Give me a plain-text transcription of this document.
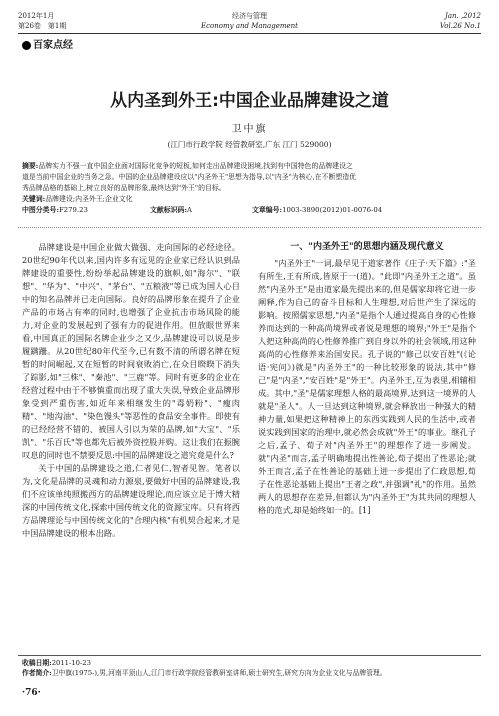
2012年1月
第26卷　第1期
经济与管理
Economy and Management
Jan. ,2012
Vol.26 No.1
百家点经
从内圣到外王:中国企业品牌建设之道
卫中旗
(江门市行政学院 经管教研室,广东 江门 529000)
摘要:品牌实力不强一直中国企业面对国际化竞争的短板,如何走出品牌建设困境,找到有中国特色的品牌建设之
道是当前中国企业的当务之急。中国的企业品牌建设应以"内圣外王"思想为指导,以"内圣"为核心,在不断塑造优
秀品牌品格的基础上,树立良好的品牌形象,最终达到"外王"的目标。
关键词:品牌建设;内圣外王;企业文化
中图分类号:F279.23	文献标识码:A	文章编号:1003-3890(2012)01-0076-04

品牌建设是中国企业做大做强、走向国际的必经途径。20世纪90年代以来,国内许多有远见的企业家已经认识到品牌建设的重要性,纷纷举起品牌建设的旗帜,如"海尔"、"联想"、"华为"、"中兴"、"茅台"、"五粮液"等已成为国人心目中的知名品牌并已走向国际。良好的品牌形象在提升了企业产品的市场占有率的同时,也增强了企业抗击市场风险的能力,对企业的发展起到了强有力的促进作用。但放眼世界来看,中国真正的国际名牌企业少之又少,品牌建设可以说是步履蹒跚。从20世纪80年代至今,已有数不清的所谓名牌在短暂的时间崛起,又在短暂的时间衰败消亡,在众目睽睽下消失了踪影,如"三株"、"秦池"、"三鹿"等。同时有更多的企业在经营过程中由于不够慎重而出现了重大失误,导致企业品牌形象受到严重伤害,如近年来相继发生的"毒奶粉"、"瘦肉精"、"地沟油"、"染色馒头"等恶性的食品安全事件。即使有的已经经营不错的、被国人引以为荣的品牌,如"大宝"、"乐凯"、"乐百氏"等也都先后被外资控股并购。这让我们在振腕叹息的同时也不禁要反思:中国的品牌建设之道究竟是什么?

关于中国的品牌建设之道,仁者见仁,智者见智。笔者以为,文化是品牌的灵魂和动力源泉,要做好中国的品牌建设,我们不应该单纯照搬西方的品牌建设理论,而应该立足于博大精深的中国传统文化,探索中国传统文化的资源宝库。只有将西方品牌理论与中国传统文化的"合理内核"有机契合起来,才是中国品牌建设的根本出路。

一、"内圣外王"的思想内涵及现代意义

"内圣外王"一词,最早见于道家著作《庄子·天下篇》:"圣有所生,王有所成,皆原于一(道)。"此即"内圣外王之道"。虽然"内圣外王"是由道家最先提出来的,但是儒家却将它进一步阐释,作为自己的奋斗目标和人生理想,对后世产生了深远的影响。按照儒家思想,"内圣"是指个人通过提高自身的心性修养而达到的一种高尚境界或者说是理想的境界;"外王"是指个人把这种高尚的心性修养推广到自身以外的社会领域,用这种高尚的心性修养来治国安民。孔子说的"修己以安百姓"(《论语·宪问》)就是"内圣外王"的一种比较形象的说法,其中"修己"是"内圣","安百姓"是"外王"。内圣外王,互为表里,相辅相成。其中,"圣"是儒家理想人格的最高境界,达到这一境界的人就是"圣人"。人一旦达到这种境界,就会释放出一种强大的精神力量,如果把这种精神上的东西实践到人民的生活中,或者说实践到国家的治理中,就必然会成就"外王"的事业。继孔子之后,孟子、荀子对"内圣外王"的理想作了进一步阐发。就"内圣"而言,孟子明确地提出性善论,荀子提出了性恶论;就外王而言,孟子在性善论的基础上进一步提出了仁政思想,荀子在性恶论基础上提出"王者之政",并强调"礼"的作用。虽然两人的思想存在差异,但都认为"内圣外王"为其共同的理想人格的范式,却是始终如一的。[1]

收稿日期:2011-10-23
作者简介:卫中旗(1975-),男,河南平顶山人,江门市行政学院经管教研室讲师,硕士研究生,研究方向为企业文化与品牌管理。
·76·
